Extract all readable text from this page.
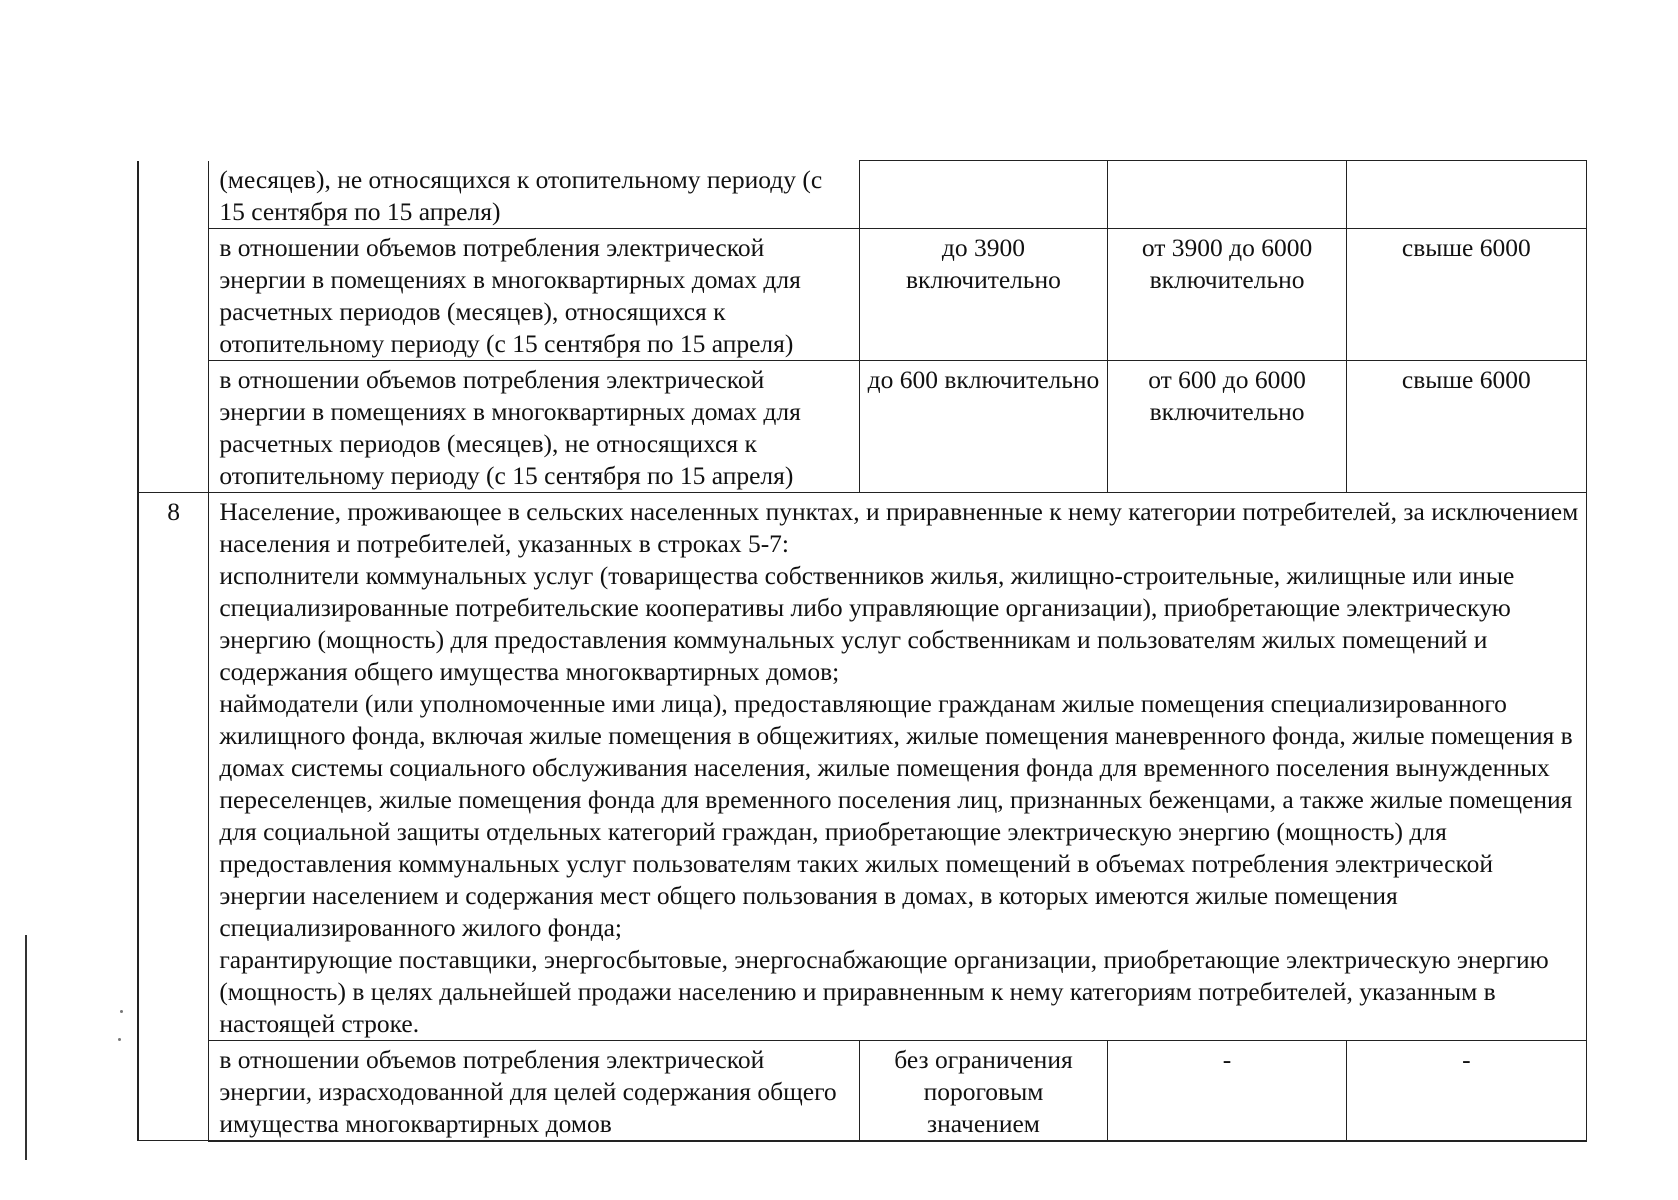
	(месяцев), не относящихся к отопительному периоду (с 15 сентября по 15 апреля)			
	в отношении объемов потребления электрической энергии в помещениях в многоквартирных домах для расчетных периодов (месяцев), относящихся к отопительному периоду (с 15 сентября по 15 апреля)	до 3900 включительно	от 3900 до 6000 включительно	свыше 6000
	в отношении объемов потребления электрической энергии в помещениях в многоквартирных домах для расчетных периодов (месяцев), не относящихся к отопительному периоду (с 15 сентября по 15 апреля)	до 600 включительно	от 600 до 6000 включительно	свыше 6000
8	Население, проживающее в сельских населенных пунктах, и приравненные к нему категории потребителей, за исключением населения и потребителей, указанных в строках 5-7:
исполнители коммунальных услуг (товарищества собственников жилья, жилищно-строительные, жилищные или иные специализированные потребительские кооперативы либо управляющие организации), приобретающие электрическую энергию (мощность) для предоставления коммунальных услуг собственникам и пользователям жилых помещений и содержания общего имущества многоквартирных домов;
наймодатели (или уполномоченные ими лица), предоставляющие гражданам жилые помещения специализированного жилищного фонда, включая жилые помещения в общежитиях, жилые помещения маневренного фонда, жилые помещения в домах системы социального обслуживания населения, жилые помещения фонда для временного поселения вынужденных переселенцев, жилые помещения фонда для временного поселения лиц, признанных беженцами, а также жилые помещения для социальной защиты отдельных категорий граждан, приобретающие электрическую энергию (мощность) для предоставления коммунальных услуг пользователям таких жилых помещений в объемах потребления электрической энергии населением и содержания мест общего пользования в домах, в которых имеются жилые помещения специализированного жилого фонда;
гарантирующие поставщики, энергосбытовые, энергоснабжающие организации, приобретающие электрическую энергию (мощность) в целях дальнейшей продажи населению и приравненным к нему категориям потребителей, указанным в настоящей строке.			

	в отношении объемов потребления электрической энергии, израсходованной для целей содержания общего имущества многоквартирных домов	без ограничения пороговым значением	-	-
